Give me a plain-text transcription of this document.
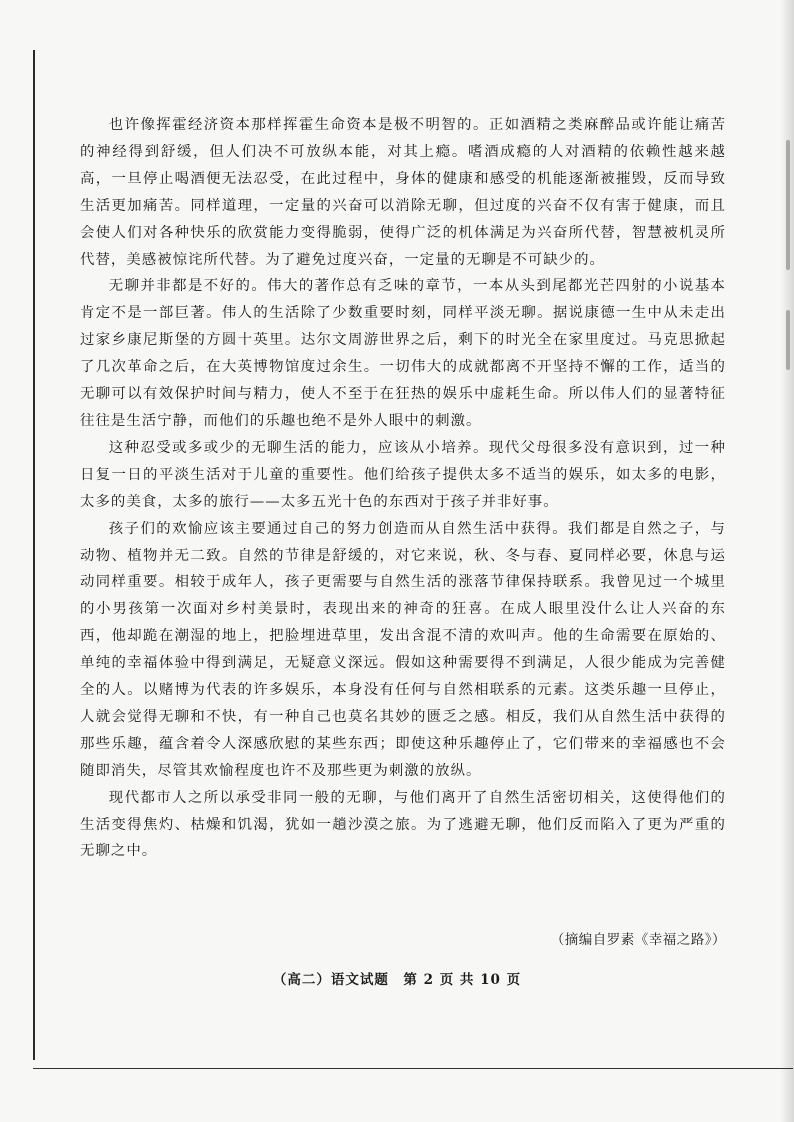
也许像挥霍经济资本那样挥霍生命资本是极不明智的。正如酒精之类麻醉品或许能让痛苦的神经得到舒缓，但人们决不可放纵本能，对其上瘾。嗜酒成瘾的人对酒精的依赖性越来越高，一旦停止喝酒便无法忍受，在此过程中，身体的健康和感受的机能逐渐被摧毁，反而导致生活更加痛苦。同样道理，一定量的兴奋可以消除无聊，但过度的兴奋不仅有害于健康，而且会使人们对各种快乐的欣赏能力变得脆弱，使得广泛的机体满足为兴奋所代替，智慧被机灵所代替，美感被惊诧所代替。为了避免过度兴奋，一定量的无聊是不可缺少的。

无聊并非都是不好的。伟大的著作总有乏味的章节，一本从头到尾都光芒四射的小说基本肯定不是一部巨著。伟人的生活除了少数重要时刻，同样平淡无聊。据说康德一生中从未走出过家乡康尼斯堡的方圆十英里。达尔文周游世界之后，剩下的时光全在家里度过。马克思掀起了几次革命之后，在大英博物馆度过余生。一切伟大的成就都离不开坚持不懈的工作，适当的无聊可以有效保护时间与精力，使人不至于在狂热的娱乐中虚耗生命。所以伟人们的显著特征往往是生活宁静，而他们的乐趣也绝不是外人眼中的刺激。

这种忍受或多或少的无聊生活的能力，应该从小培养。现代父母很多没有意识到，过一种日复一日的平淡生活对于儿童的重要性。他们给孩子提供太多不适当的娱乐，如太多的电影，太多的美食，太多的旅行——太多五光十色的东西对于孩子并非好事。

孩子们的欢愉应该主要通过自己的努力创造而从自然生活中获得。我们都是自然之子，与动物、植物并无二致。自然的节律是舒缓的，对它来说，秋、冬与春、夏同样必要，休息与运动同样重要。相较于成年人，孩子更需要与自然生活的涨落节律保持联系。我曾见过一个城里的小男孩第一次面对乡村美景时，表现出来的神奇的狂喜。在成人眼里没什么让人兴奋的东西，他却跪在潮湿的地上，把脸埋进草里，发出含混不清的欢叫声。他的生命需要在原始的、单纯的幸福体验中得到满足，无疑意义深远。假如这种需要得不到满足，人很少能成为完善健全的人。以赌博为代表的许多娱乐，本身没有任何与自然相联系的元素。这类乐趣一旦停止，人就会觉得无聊和不快，有一种自己也莫名其妙的匮乏之感。相反，我们从自然生活中获得的那些乐趣，蕴含着令人深感欣慰的某些东西；即使这种乐趣停止了，它们带来的幸福感也不会随即消失，尽管其欢愉程度也许不及那些更为刺激的放纵。

现代都市人之所以承受非同一般的无聊，与他们离开了自然生活密切相关，这使得他们的生活变得焦灼、枯燥和饥渴，犹如一趟沙漠之旅。为了逃避无聊，他们反而陷入了更为严重的无聊之中。

（摘编自罗素《幸福之路》）
（高二）语文试题　第 2 页 共 10 页
